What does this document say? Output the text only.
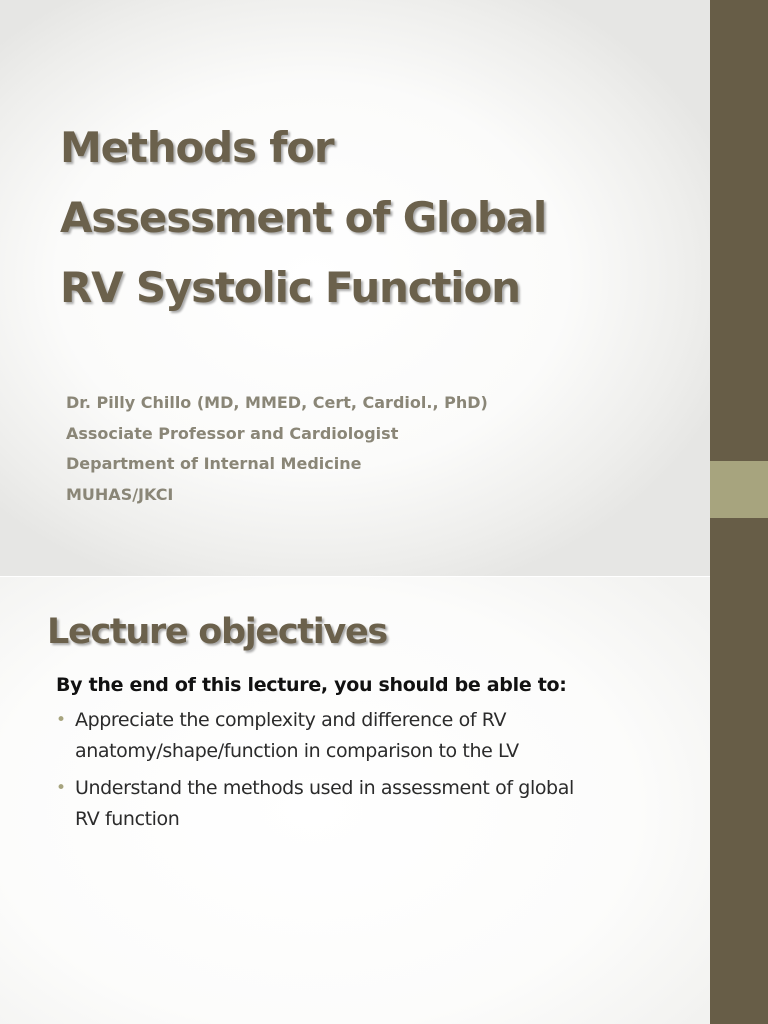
Methods for
Assessment of Global
RV Systolic Function
Dr. Pilly Chillo (MD, MMED, Cert, Cardiol., PhD)
Associate Professor and Cardiologist
Department of Internal Medicine
MUHAS/JKCI
Lecture objectives
By the end of this lecture, you should be able to:
• Appreciate the complexity and difference of RV
anatomy/shape/function in comparison to the LV
• Understand the methods used in assessment of global
RV function
